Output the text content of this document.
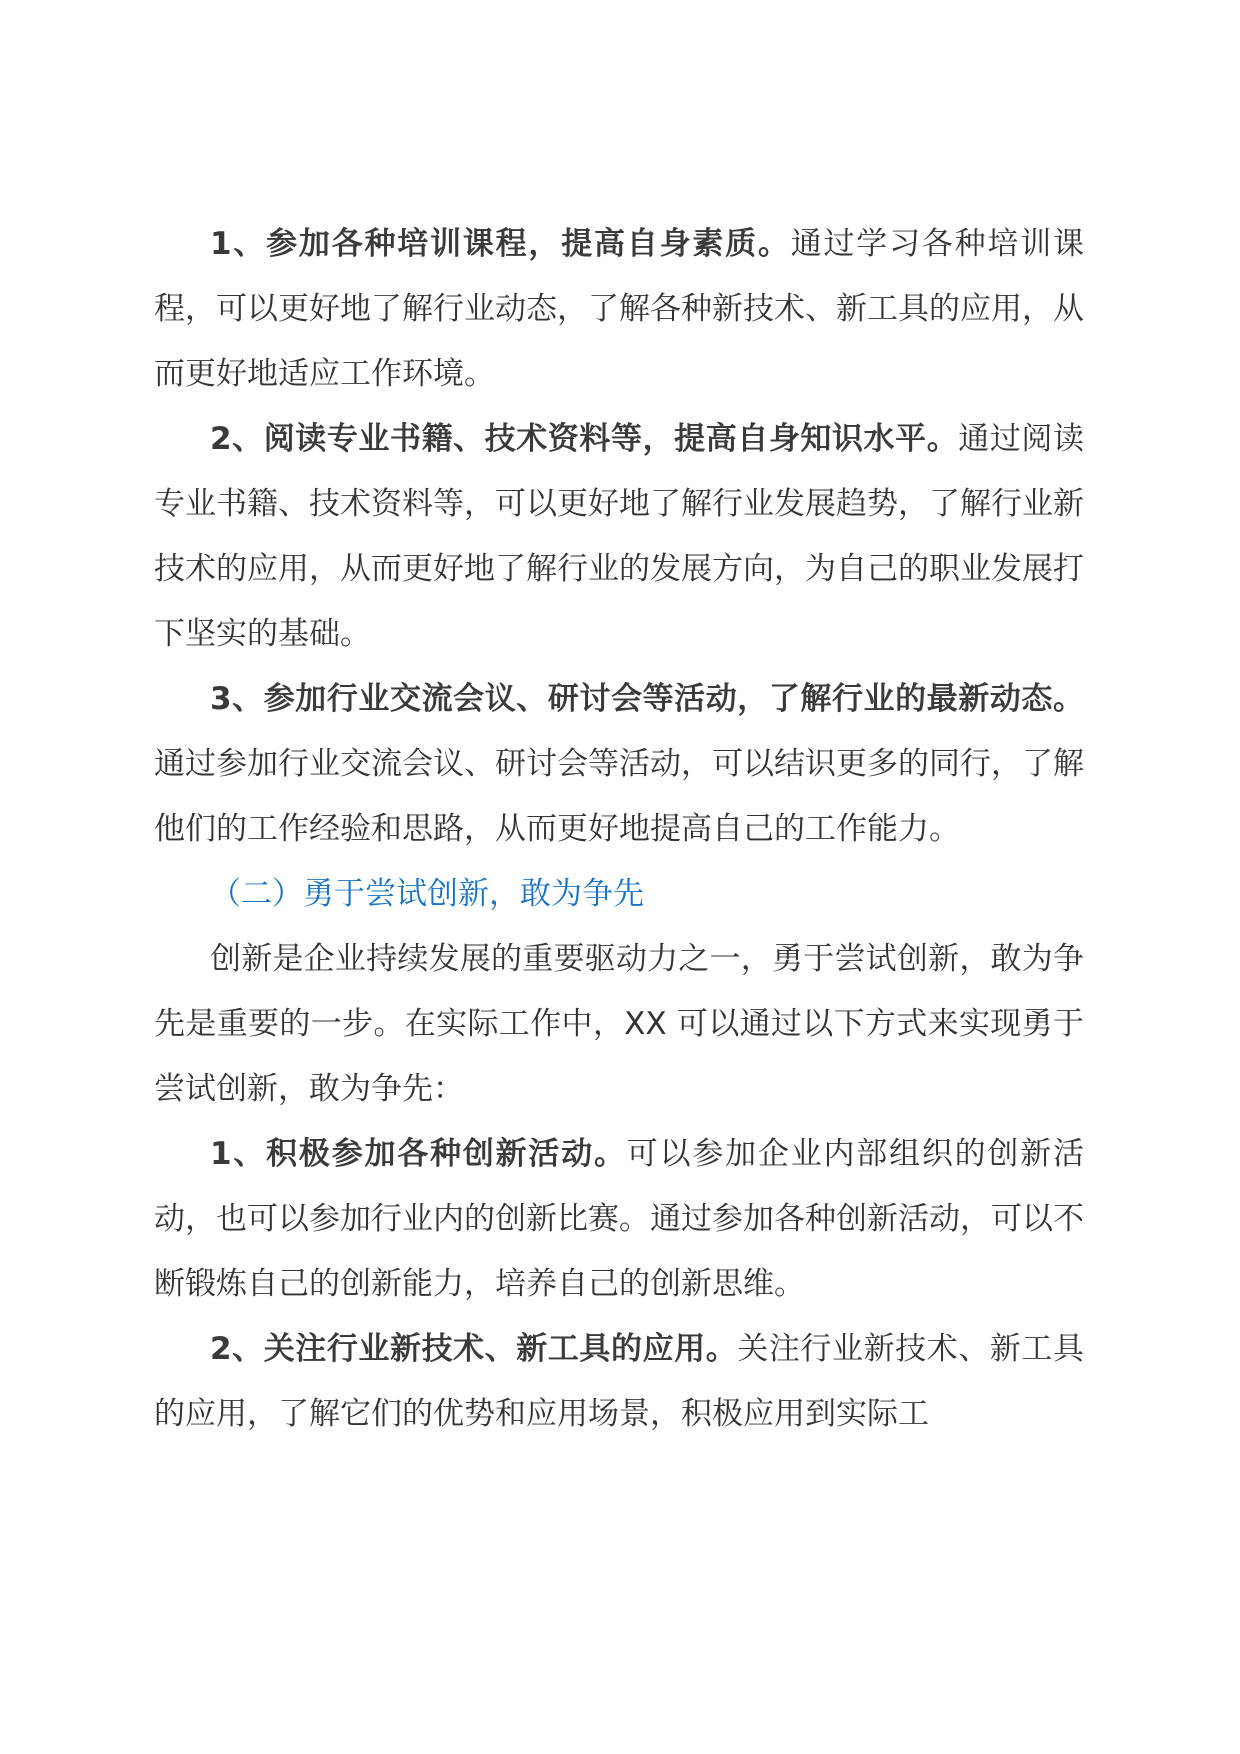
1、参加各种培训课程，提高自身素质。通过学习各种培训课程，可以更好地了解行业动态，了解各种新技术、新工具的应用，从而更好地适应工作环境。

2、阅读专业书籍、技术资料等，提高自身知识水平。通过阅读专业书籍、技术资料等，可以更好地了解行业发展趋势，了解行业新技术的应用，从而更好地了解行业的发展方向，为自己的职业发展打下坚实的基础。

3、参加行业交流会议、研讨会等活动，了解行业的最新动态。通过参加行业交流会议、研讨会等活动，可以结识更多的同行，了解他们的工作经验和思路，从而更好地提高自己的工作能力。

（二）勇于尝试创新，敢为争先

创新是企业持续发展的重要驱动力之一，勇于尝试创新，敢为争先是重要的一步。在实际工作中，XX 可以通过以下方式来实现勇于尝试创新，敢为争先：

1、积极参加各种创新活动。可以参加企业内部组织的创新活动，也可以参加行业内的创新比赛。通过参加各种创新活动，可以不断锻炼自己的创新能力，培养自己的创新思维。

2、关注行业新技术、新工具的应用。关注行业新技术、新工具的应用，了解它们的优势和应用场景，积极应用到实际工
